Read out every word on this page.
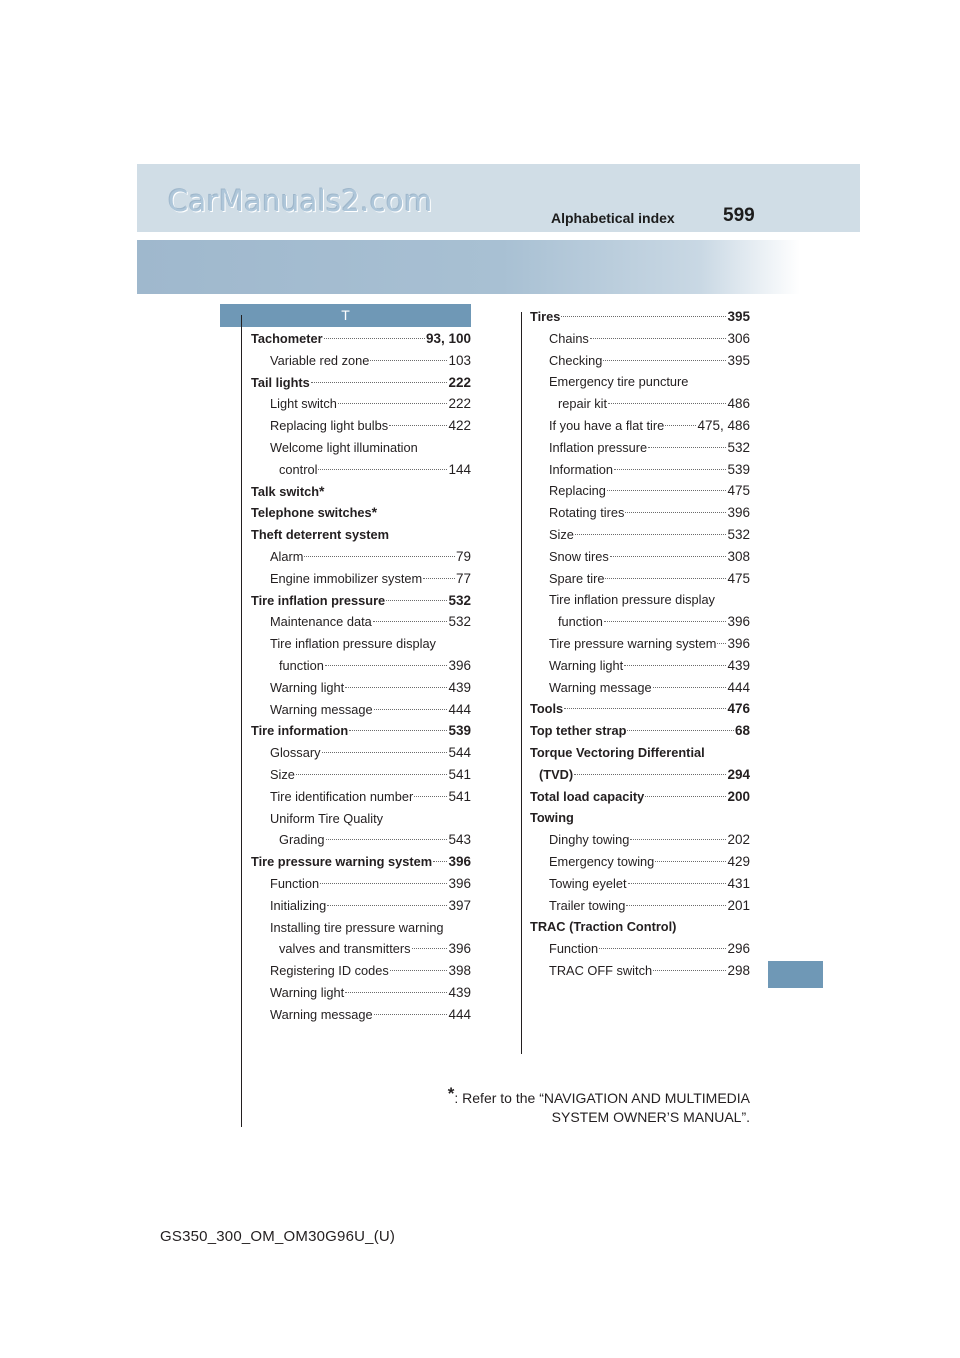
CarManuals2.com	Alphabetical index	599
T
Tachometer	93, 100
Variable red zone	103
Tail lights	222
Light switch	222
Replacing light bulbs	422
Welcome light illumination
control	144
Talk switch *
Telephone switches *
Theft deterrent system
Alarm	79
Engine immobilizer system	77
Tire inflation pressure	532
Maintenance data	532
Tire inflation pressure display
function	396
Warning light	439
Warning message	444
Tire information	539
Glossary	544
Size	541
Tire identification number	541
Uniform Tire Quality
Grading	543
Tire pressure warning system 396
Function	396
Initializing	397
Installing tire pressure warning
valves and transmitters	396
Registering ID codes	398
Warning light	439
Warning message	444
Tires	395
Chains	306
Checking	395
Emergency tire puncture
repair kit	486
If you have a flat tire 475, 486
Inflation pressure	532
Information	539
Replacing	475
Rotating tires	396
Size	532
Snow tires	308
Spare tire	475
Tire inflation pressure display
function	396
Tire pressure warning system 396
Warning light	439
Warning message	444
Tools	476
Top tether strap	68
Torque Vectoring Differential
(TVD)	294
Total load capacity	200
Towing
Dinghy towing	202
Emergency towing	429
Towing eyelet	431
Trailer towing	201
TRAC (Traction Control)
Function	296
TRAC OFF switch	298
*: Refer to the “NAVIGATION AND MULTIMEDIA
SYSTEM OWNER’S MANUAL”.
GS350_300_OM_OM30G96U_(U)
